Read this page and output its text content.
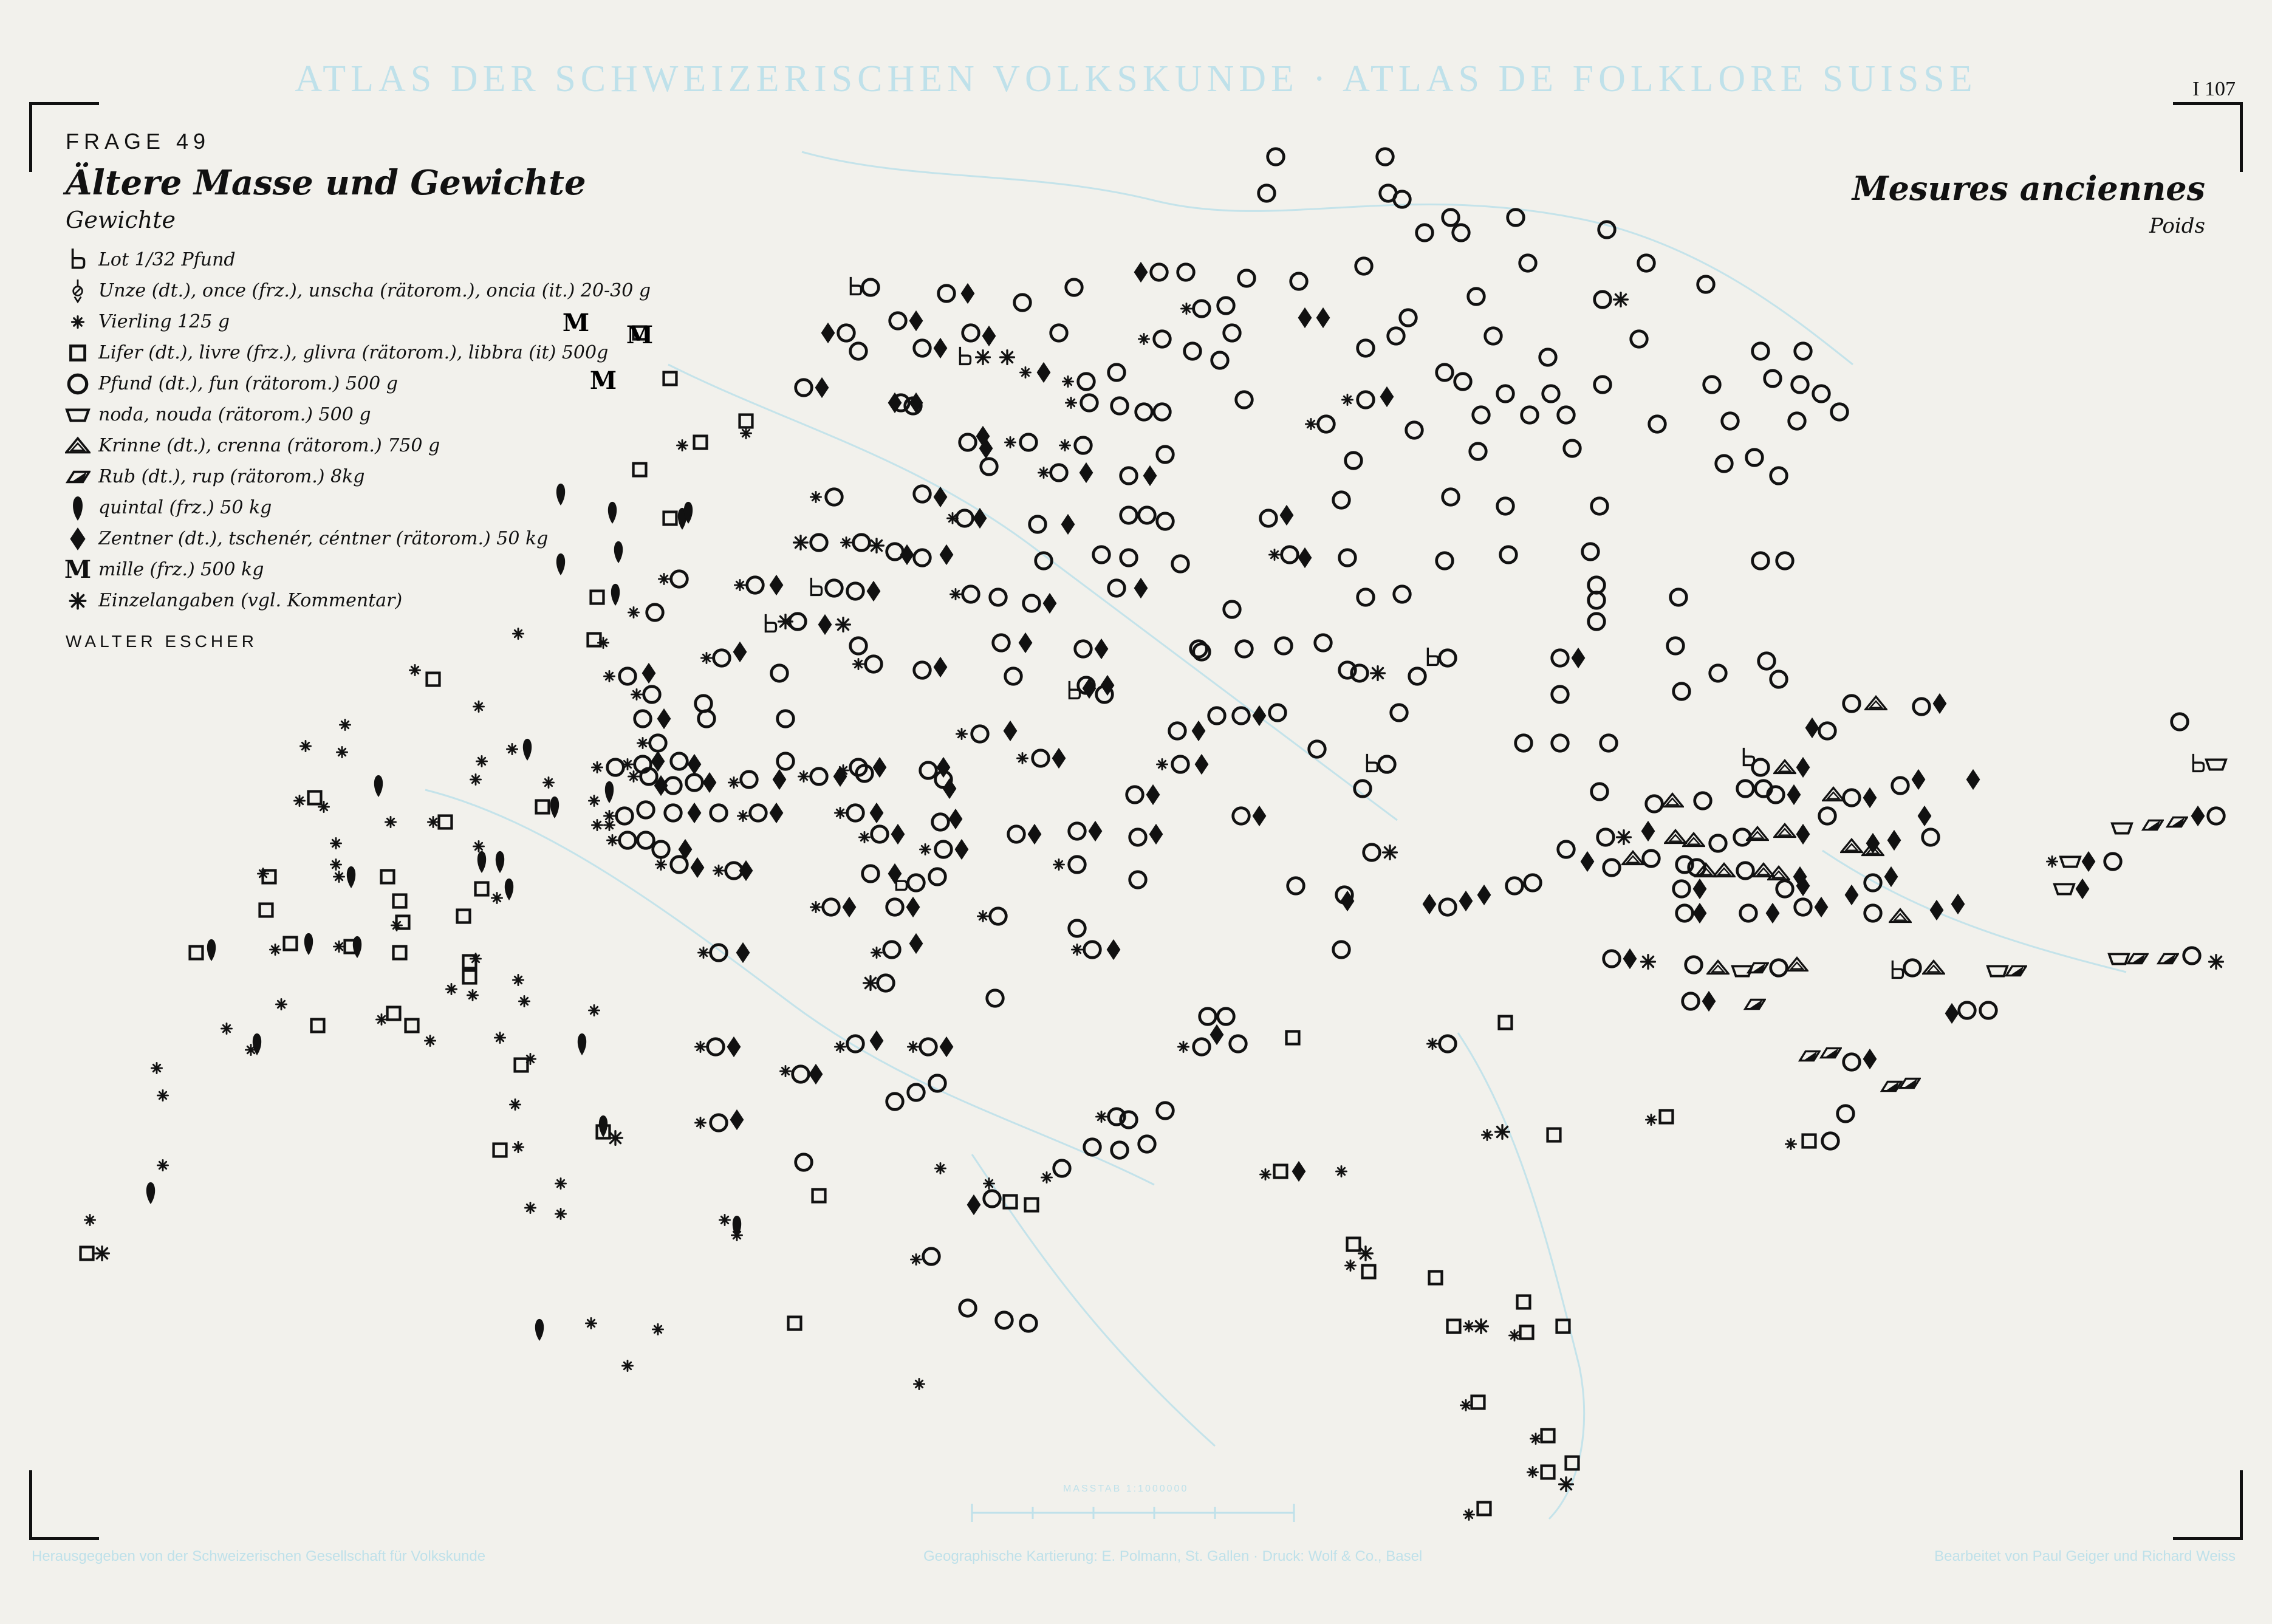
ATLAS DER SCHWEIZERISCHEN VOLKSKUNDE · ATLAS DE FOLKLORE SUISSE	I 107
FRAGE 49
Ältere Masse und Gewichte
Gewichte
Mesures anciennes
Poids
Lot 1/32 Pfund
Unze (dt.), once (frz.), unscha (rätorom.), oncia (it.) 20-30 g
Vierling 125 g
Lifer (dt.), livre (frz.), glivra (rätorom.), libbra (it) 500g
Pfund (dt.), fun (rätorom.) 500 g
noda, nouda (rätorom.) 500 g
Krinne (dt.), crenna (rätorom.) 750 g
Rub (dt.), rup (rätorom.) 8kg
quintal (frz.) 50 kg
Zentner (dt.), tschenér, céntner (rätorom.) 50 kg
M mille (frz.) 500 kg
Einzelangaben (vgl. Kommentar)
WALTER ESCHER
Herausgegeben von der Schweizerischen Gesellschaft für Volkskunde	Geographische Kartierung: E. Polmann, St. Gallen · Druck: Wolf & Co., Basel	Bearbeitet von Paul Geiger und Richard Weiss
MASSTAB 1:1000000
M M
M
